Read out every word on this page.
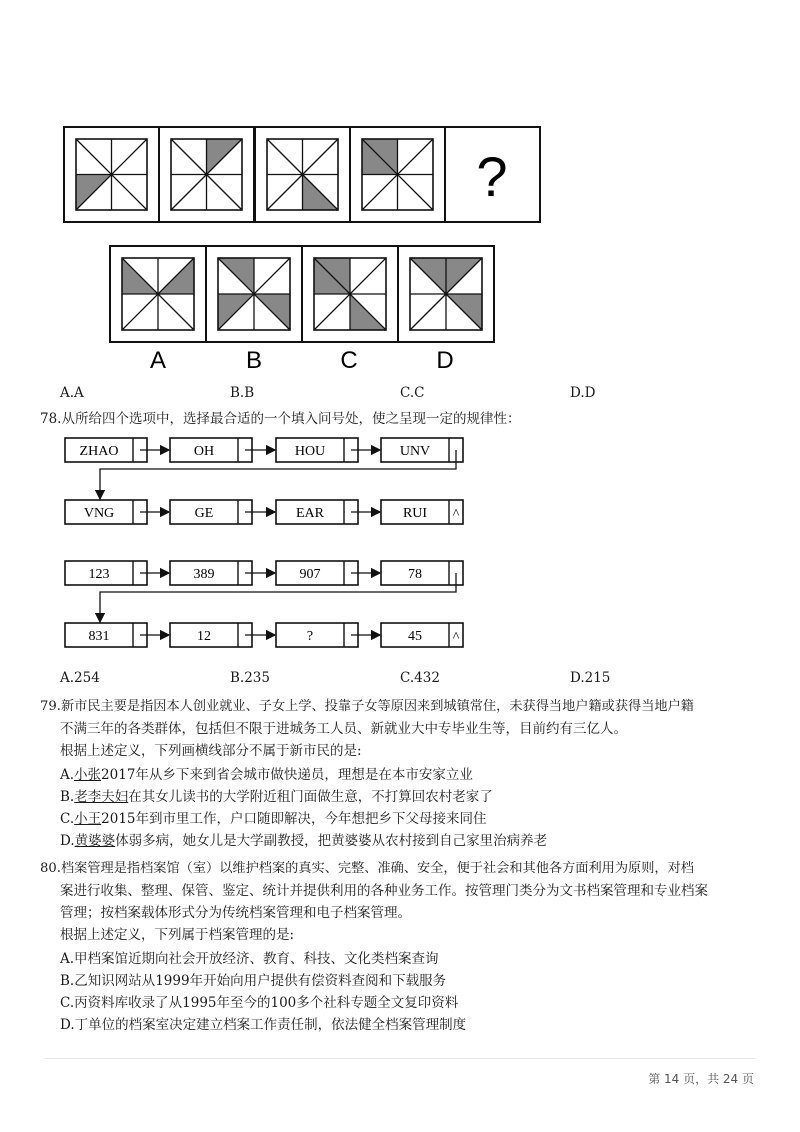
?
A	B	C	D
A.A	B.B	C.C	D.D
78.从所给四个选项中，选择最合适的一个填入问号处，使之呈现一定的规律性：
ZHAO	OH	HOU	UNV
VNG	GE	EAR	RUI ^
123	389	907	78
831	12	?	45 ^
A.254	B.235	C.432	D.215
79.新市民主要是指因本人创业就业、子女上学、投靠子女等原因来到城镇常住，未获得当地户籍或获得当地户籍
不满三年的各类群体，包括但不限于进城务工人员、新就业大中专毕业生等，目前约有三亿人。
根据上述定义，下列画横线部分不属于新市民的是:
A.小张2017年从乡下来到省会城市做快递员，理想是在本市安家立业
B.老李夫妇在其女儿读书的大学附近租门面做生意，不打算回农村老家了
C.小王2015年到市里工作，户口随即解决，今年想把乡下父母接来同住
D.黄婆婆体弱多病，她女儿是大学副教授，把黄婆婆从农村接到自己家里治病养老
80.档案管理是指档案馆（室）以维护档案的真实、完整、准确、安全，便于社会和其他各方面利用为原则，对档
案进行收集、整理、保管、鉴定、统计并提供利用的各种业务工作。按管理门类分为文书档案管理和专业档案
管理；按档案载体形式分为传统档案管理和电子档案管理。
根据上述定义，下列属于档案管理的是:
A.甲档案馆近期向社会开放经济、教育、科技、文化类档案查询
B.乙知识网站从1999年开始向用户提供有偿资料查阅和下载服务
C.丙资料库收录了从1995年至今的100多个社科专题全文复印资料
D.丁单位的档案室决定建立档案工作责任制，依法健全档案管理制度
第 14 页，共 24 页
